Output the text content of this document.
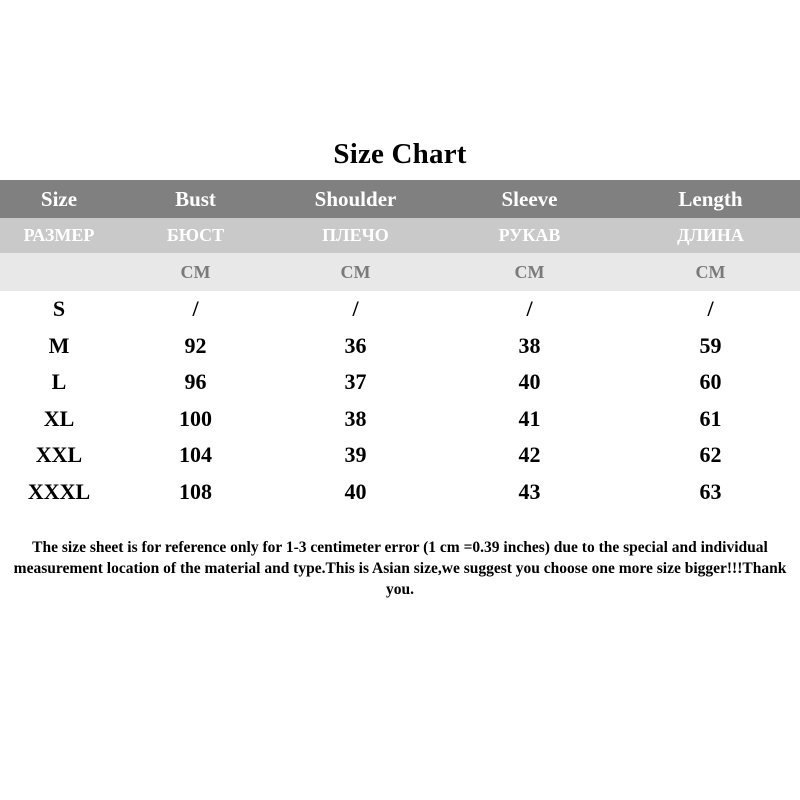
Size Chart
Size	Bust	Shoulder	Sleeve	Length
РАЗМЕР	БЮСТ	ПЛЕЧО	РУКАВ	ДЛИНА
	CM	CM	CM	CM
S	/	/	/	/
M	92	36	38	59
L	96	37	40	60
XL	100	38	41	61
XXL	104	39	42	62
XXXL	108	40	43	63
The size sheet is for reference only for 1-3 centimeter error (1 cm =0.39 inches) due to the special and individual measurement location of the material and type.This is Asian size,we suggest you choose one more size bigger!!!Thank you.
